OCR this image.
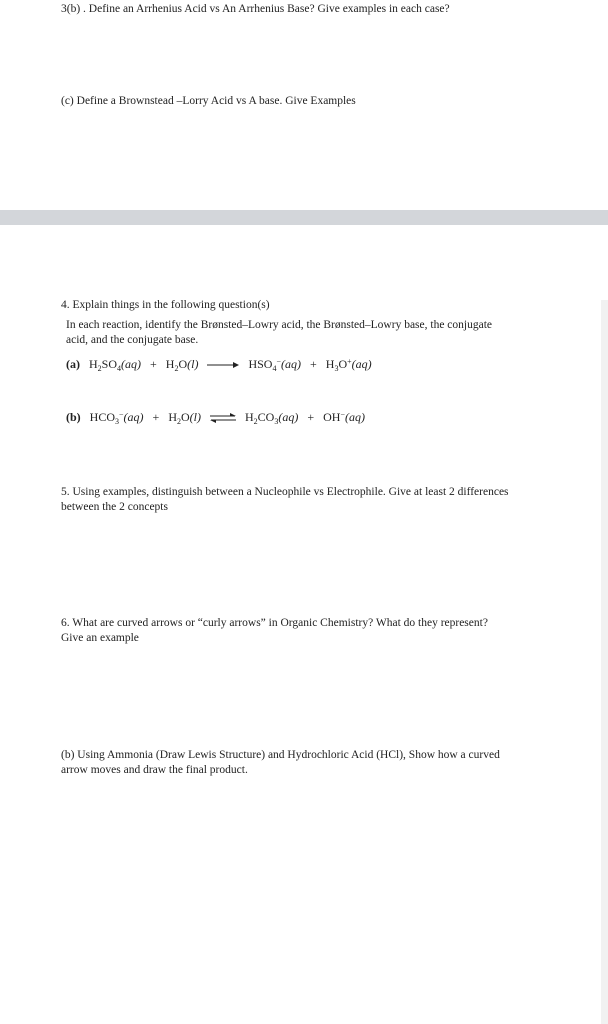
3(b) . Define an Arrhenius Acid vs An Arrhenius Base? Give examples in each case?

(c) Define a Brownstead –Lorry Acid vs A base. Give Examples

4. Explain things in the following question(s)

In each reaction, identify the Brønsted–Lowry acid, the Brønsted–Lowry base, the conjugate
acid, and the conjugate base.

(a) $H_2SO_4(aq) + H_2O(l)$	$HSO_4^-(aq) + H_3O^+(aq)$
(b) $HCO_3^-(aq) + H_2O(l)$ ⇌ $H_2CO_3(aq) + OH^-(aq)$

5. Using examples, distinguish between a Nucleophile vs Electrophile. Give at least 2 differences
between the 2 concepts

6. What are curved arrows or “curly arrows” in Organic Chemistry? What do they represent?
Give an example

(b) Using Ammonia (Draw Lewis Structure) and Hydrochloric Acid (HCl), Show how a curved
arrow moves and draw the final product.
